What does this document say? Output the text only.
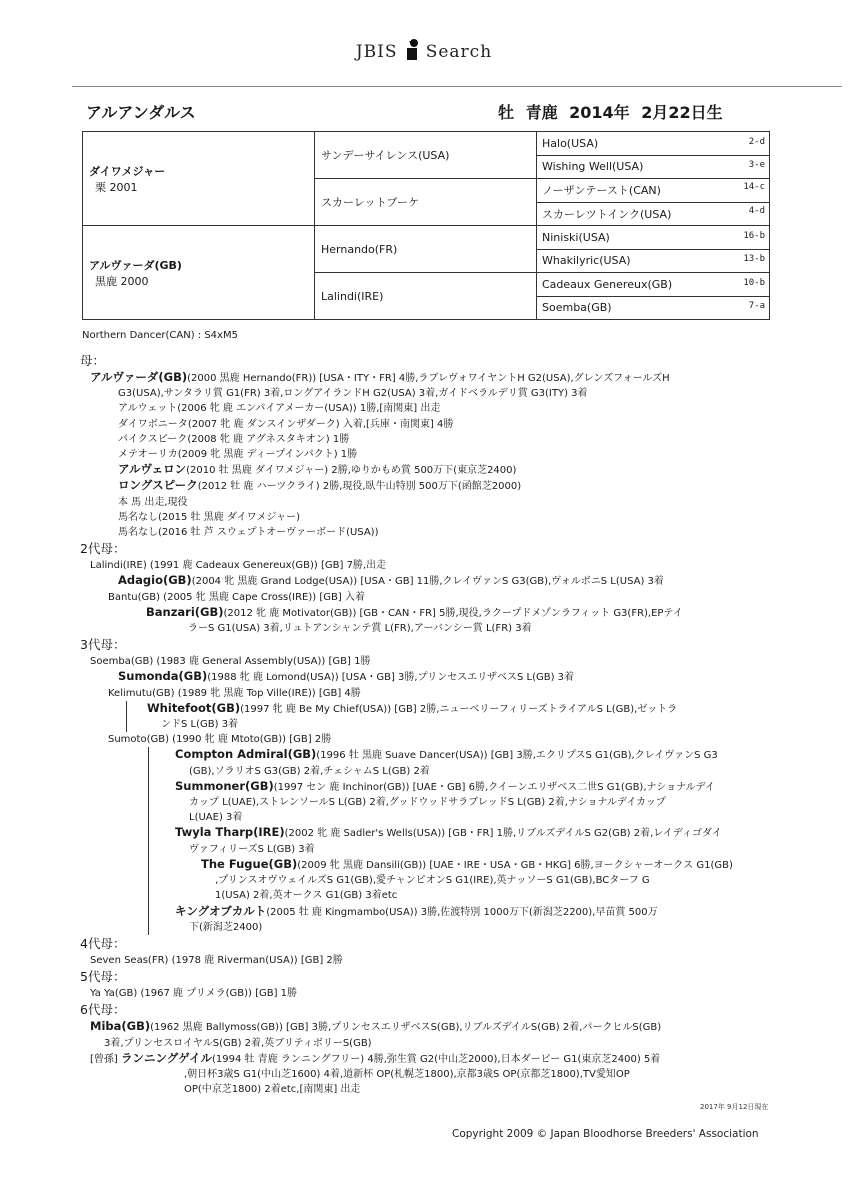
JBIS Search
アルアンダルス	牡 青鹿 2014年 2月22日生
ダイワメジャー
栗 2001	サンデーサイレンス(USA)	Halo(USA) 2-d

		Wishing Well(USA) 3-e

	スカーレットブーケ	ノーザンテースト(CAN) 14-c

		スカーレツトインク(USA) 4-d

アルヴァーダ(GB)
黒鹿 2000	Hernando(FR)	Niniski(USA) 16-b

		Whakilyric(USA) 13-b

	Lalindi(IRE)	Cadeaux Genereux(GB) 10-b

		Soemba(GB) 7-a
Northern Dancer(CAN) : S4xM5
母：
アルヴァーダ(GB)(2000 黒鹿 Hernando(FR)) [USA・ITY・FR] 4勝,ラブレヴォワイヤントH G2(USA),グレンズフォールズH
G3(USA),サンタラリ賞 G1(FR) 3着,ロングアイランドH G2(USA) 3着,ガイドベラルデリ賞 G3(ITY) 3着
アルウェット(2006 牝 鹿 エンパイアメーカー(USA)) 1勝,[南関東] 出走
ダイワボニータ(2007 牝 鹿 ダンスインザダーク) 入着,[兵庫・南関東] 4勝
パイクスピーク(2008 牝 鹿 アグネスタキオン) 1勝
メテオーリカ(2009 牝 黒鹿 ディープインパクト) 1勝
アルヴェロン(2010 牡 黒鹿 ダイワメジャー) 2勝,ゆりかもめ賞 500万下(東京芝2400)
ロングスピーク(2012 牡 鹿 ハーツクライ) 2勝,現役,臥牛山特別 500万下(函館芝2000)
本 馬 出走,現役
馬名なし(2015 牡 黒鹿 ダイワメジャー)
馬名なし(2016 牡 芦 スウェプトオーヴァーボード(USA))
2代母：
Lalindi(IRE) (1991 鹿 Cadeaux Genereux(GB)) [GB] 7勝,出走
Adagio(GB)(2004 牝 黒鹿 Grand Lodge(USA)) [USA・GB] 11勝,クレイヴァンS G3(GB),ヴォルボニS L(USA) 3着
Bantu(GB) (2005 牝 黒鹿 Cape Cross(IRE)) [GB] 入着
Banzari(GB)(2012 牝 鹿 Motivator(GB)) [GB・CAN・FR] 5勝,現役,ラクープドメゾンラフィット G3(FR),EPテイ
ラーS G1(USA) 3着,リュトアンシャンテ賞 L(FR),アーバンシー賞 L(FR) 3着
3代母：
Soemba(GB) (1983 鹿 General Assembly(USA)) [GB] 1勝
Sumonda(GB)(1988 牝 鹿 Lomond(USA)) [USA・GB] 3勝,プリンセスエリザベスS L(GB) 3着
Kelimutu(GB) (1989 牝 黒鹿 Top Ville(IRE)) [GB] 4勝
Whitefoot(GB)(1997 牝 鹿 Be My Chief(USA)) [GB] 2勝,ニューベリーフィリーズトライアルS L(GB),ゼットラ
ンドS L(GB) 3着
Sumoto(GB) (1990 牝 鹿 Mtoto(GB)) [GB] 2勝
Compton Admiral(GB)(1996 牡 黒鹿 Suave Dancer(USA)) [GB] 3勝,エクリプスS G1(GB),クレイヴァンS G3
(GB),ソラリオS G3(GB) 2着,チェシャムS L(GB) 2着
Summoner(GB)(1997 セン 鹿 Inchinor(GB)) [UAE・GB] 6勝,クイーンエリザベス二世S G1(GB),ナショナルデイ
カップ L(UAE),ストレンソールS L(GB) 2着,グッドウッドサラブレッドS L(GB) 2着,ナショナルデイカップ
L(UAE) 3着
Twyla Tharp(IRE)(2002 牝 鹿 Sadler's Wells(USA)) [GB・FR] 1勝,リブルズデイルS G2(GB) 2着,レイディゴダイ
ヴァフィリーズS L(GB) 3着
The Fugue(GB)(2009 牝 黒鹿 Dansili(GB)) [UAE・IRE・USA・GB・HKG] 6勝,ヨークシャーオークス G1(GB)
,プリンスオヴウェイルズS G1(GB),愛チャンピオンS G1(IRE),英ナッソーS G1(GB),BCターフ G
1(USA) 2着,英オークス G1(GB) 3着etc
キングオブカルト(2005 牡 鹿 Kingmambo(USA)) 3勝,佐渡特別 1000万下(新潟芝2200),早苗賞 500万
下(新潟芝2400)
4代母：
Seven Seas(FR) (1978 鹿 Riverman(USA)) [GB] 2勝
5代母：
Ya Ya(GB) (1967 鹿 プリメラ(GB)) [GB] 1勝
6代母：
Miba(GB)(1962 黒鹿 Ballymoss(GB)) [GB] 3勝,プリンセスエリザベスS(GB),リブルズデイルS(GB) 2着,パークヒルS(GB)
3着,プリンセスロイヤルS(GB) 2着,英ブリティボリーS(GB)
[曾孫] ランニングゲイル(1994 牡 青鹿 ランニングフリー) 4勝,弥生賞 G2(中山芝2000),日本ダービー G1(東京芝2400) 5着
,朝日杯3歳S G1(中山芝1600) 4着,道新杯 OP(札幌芝1800),京都3歳S OP(京都芝1800),TV愛知OP
OP(中京芝1800) 2着etc,[南関東] 出走
2017年 9月12日現在
Copyright 2009 © Japan Bloodhorse Breeders' Association
